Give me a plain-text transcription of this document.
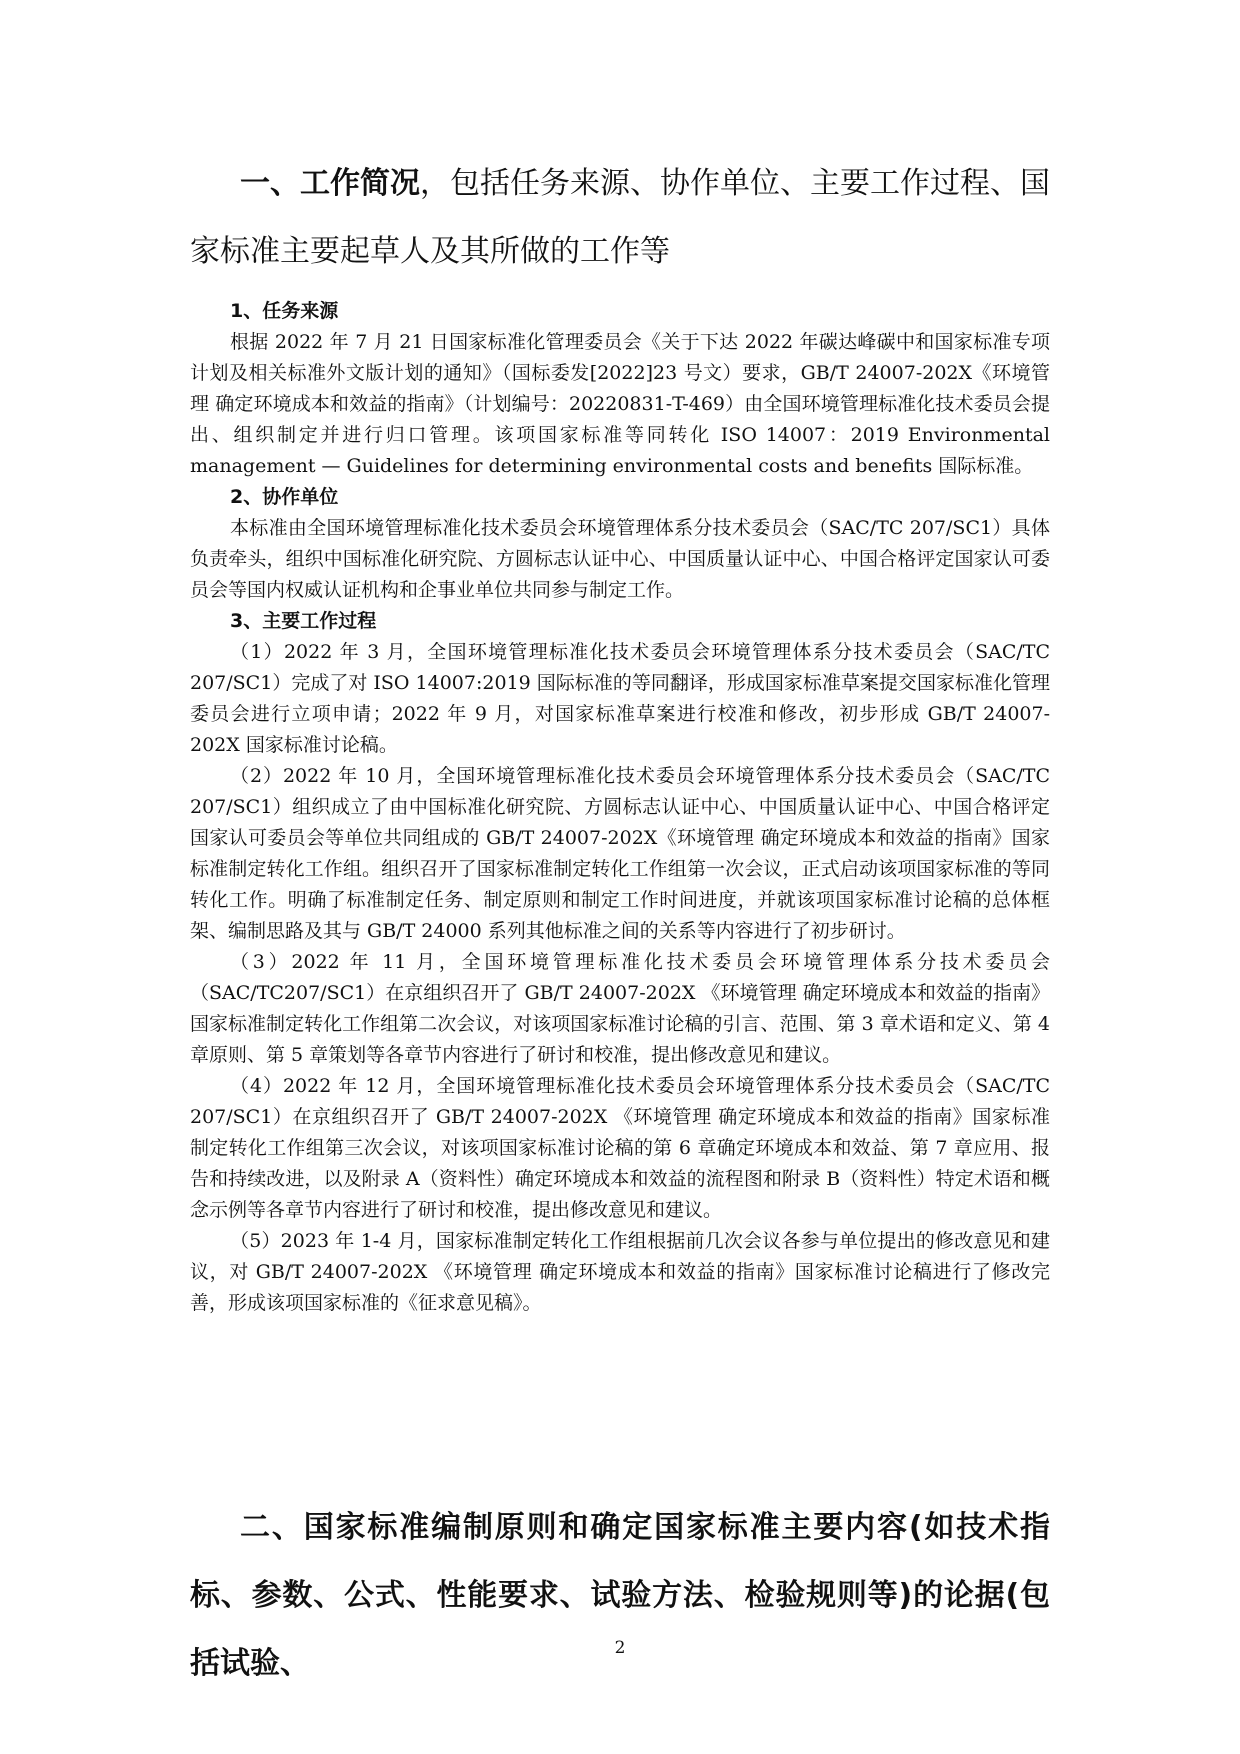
一、工作简况，包括任务来源、协作单位、主要工作过程、国家标准主要起草人及其所做的工作等

1、任务来源

根据 2022 年 7 月 21 日国家标准化管理委员会《关于下达 2022 年碳达峰碳中和国家标准专项计划及相关标准外文版计划的通知》（国标委发[2022]23 号文）要求，GB/T 24007-202X《环境管理 确定环境成本和效益的指南》（计划编号：20220831-T-469）由全国环境管理标准化技术委员会提出、组织制定并进行归口管理。该项国家标准等同转化 ISO 14007：2019 Environmental management — Guidelines for determining environmental costs and benefits 国际标准。

2、协作单位

本标准由全国环境管理标准化技术委员会环境管理体系分技术委员会（SAC/TC 207/SC1）具体负责牵头，组织中国标准化研究院、方圆标志认证中心、中国质量认证中心、中国合格评定国家认可委员会等国内权威认证机构和企事业单位共同参与制定工作。

3、主要工作过程

（1）2022 年 3 月，全国环境管理标准化技术委员会环境管理体系分技术委员会（SAC/TC 207/SC1）完成了对 ISO 14007:2019 国际标准的等同翻译，形成国家标准草案提交国家标准化管理委员会进行立项申请；2022 年 9 月，对国家标准草案进行校准和修改，初步形成 GB/T 24007-202X 国家标准讨论稿。

（2）2022 年 10 月，全国环境管理标准化技术委员会环境管理体系分技术委员会（SAC/TC 207/SC1）组织成立了由中国标准化研究院、方圆标志认证中心、中国质量认证中心、中国合格评定国家认可委员会等单位共同组成的 GB/T 24007-202X《环境管理 确定环境成本和效益的指南》国家标准制定转化工作组。组织召开了国家标准制定转化工作组第一次会议，正式启动该项国家标准的等同转化工作。明确了标准制定任务、制定原则和制定工作时间进度，并就该项国家标准讨论稿的总体框架、编制思路及其与 GB/T 24000 系列其他标准之间的关系等内容进行了初步研讨。

（3）2022 年 11 月，全国环境管理标准化技术委员会环境管理体系分技术委员会（SAC/TC207/SC1）在京组织召开了 GB/T 24007-202X 《环境管理 确定环境成本和效益的指南》国家标准制定转化工作组第二次会议，对该项国家标准讨论稿的引言、范围、第 3 章术语和定义、第 4 章原则、第 5 章策划等各章节内容进行了研讨和校准，提出修改意见和建议。

（4）2022 年 12 月，全国环境管理标准化技术委员会环境管理体系分技术委员会（SAC/TC 207/SC1）在京组织召开了 GB/T 24007-202X 《环境管理 确定环境成本和效益的指南》国家标准制定转化工作组第三次会议，对该项国家标准讨论稿的第 6 章确定环境成本和效益、第 7 章应用、报告和持续改进，以及附录 A（资料性）确定环境成本和效益的流程图和附录 B（资料性）特定术语和概念示例等各章节内容进行了研讨和校准，提出修改意见和建议。

（5）2023 年 1-4 月，国家标准制定转化工作组根据前几次会议各参与单位提出的修改意见和建议，对 GB/T 24007-202X 《环境管理 确定环境成本和效益的指南》国家标准讨论稿进行了修改完善，形成该项国家标准的《征求意见稿》。

二、国家标准编制原则和确定国家标准主要内容(如技术指标、参数、公式、性能要求、试验方法、检验规则等)的论据(包括试验、	2
